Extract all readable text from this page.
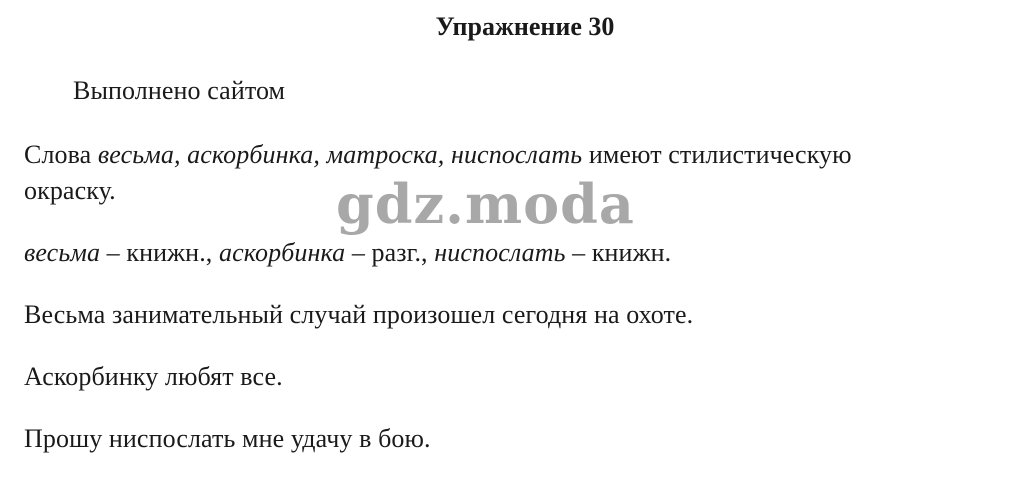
Упражнение 30
Выполнено сайтом
Слова весьма, аскорбинка, матроска, ниспослать имеют стилистическую
окраску.
весьма – книжн., аскорбинка – разг., ниспослать – книжн.
Весьма занимательный случай произошел сегодня на охоте.
Аскорбинку любят все.
Прошу ниспослать мне удачу в бою.
gdz.moda
